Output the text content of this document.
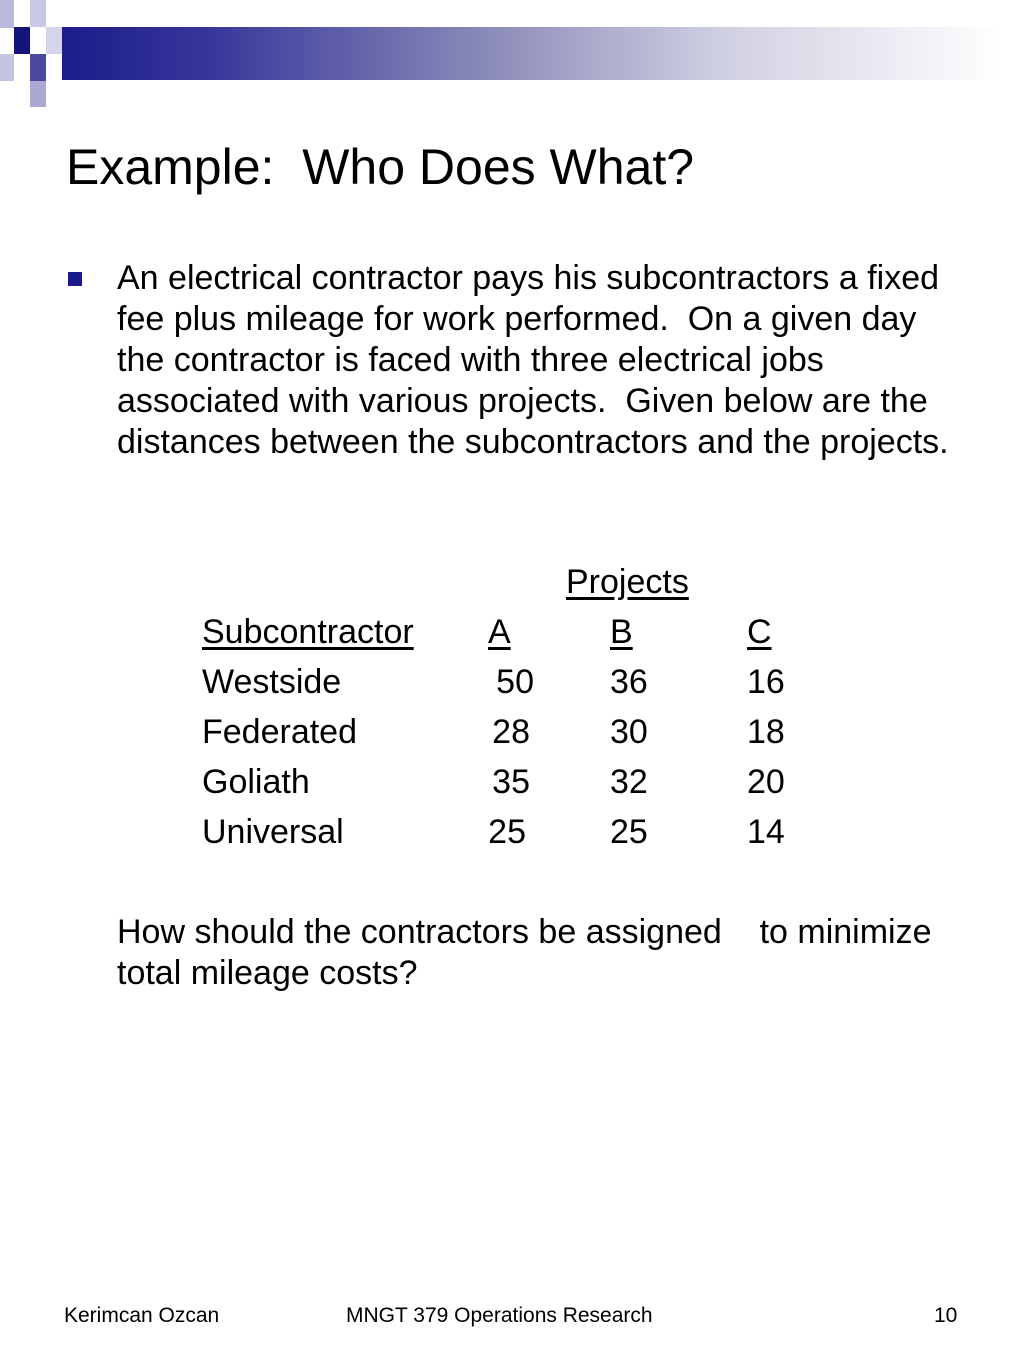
Example:  Who Does What?
An electrical contractor pays his subcontractors a fixed fee plus mileage for work performed.  On a given day the contractor is faced with three electrical jobs associated with various projects.  Given below are the distances between the subcontractors and the projects.
Projects
Subcontractor A	B	C
Westside	50 36	16
Federated	28 30	18
Goliath	35 32	20
Universal	25 25	14
How should the contractors be assigned    to minimize total mileage costs?
Kerimcan Ozcan	MNGT 379 Operations Research	10
